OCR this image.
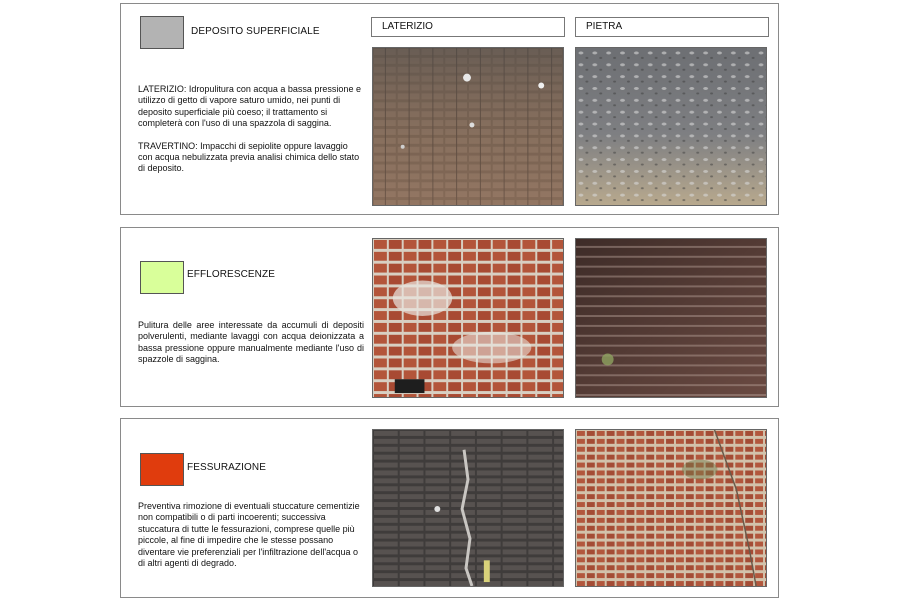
DEPOSITO SUPERFICIALE

LATERIZIO: Idropulitura con acqua a bassa pressione e utilizzo di getto di vapore saturo umido, nei punti di deposito superficiale più coeso; il trattamento si completerà con l'uso di una spazzola di saggina.

TRAVERTINO: Impacchi di sepiolite oppure lavaggio con acqua nebulizzata previa analisi chimica dello stato di deposito.

LATERIZIO	PIETRA
EFFLORESCENZE

Pulitura delle aree interessate da accumuli di depositi polverulenti, mediante lavaggi con acqua deionizzata a bassa pressione oppure manualmente mediante l'uso di spazzole di saggina.

FESSURAZIONE

Preventiva rimozione di eventuali stuccature cementizie non compatibili o di parti incoerenti; successiva stuccatura di tutte le fessurazioni, comprese quelle più piccole, al fine di impedire che le stesse possano diventare vie preferenziali per l'infiltrazione dell'acqua o di altri agenti di degrado.
